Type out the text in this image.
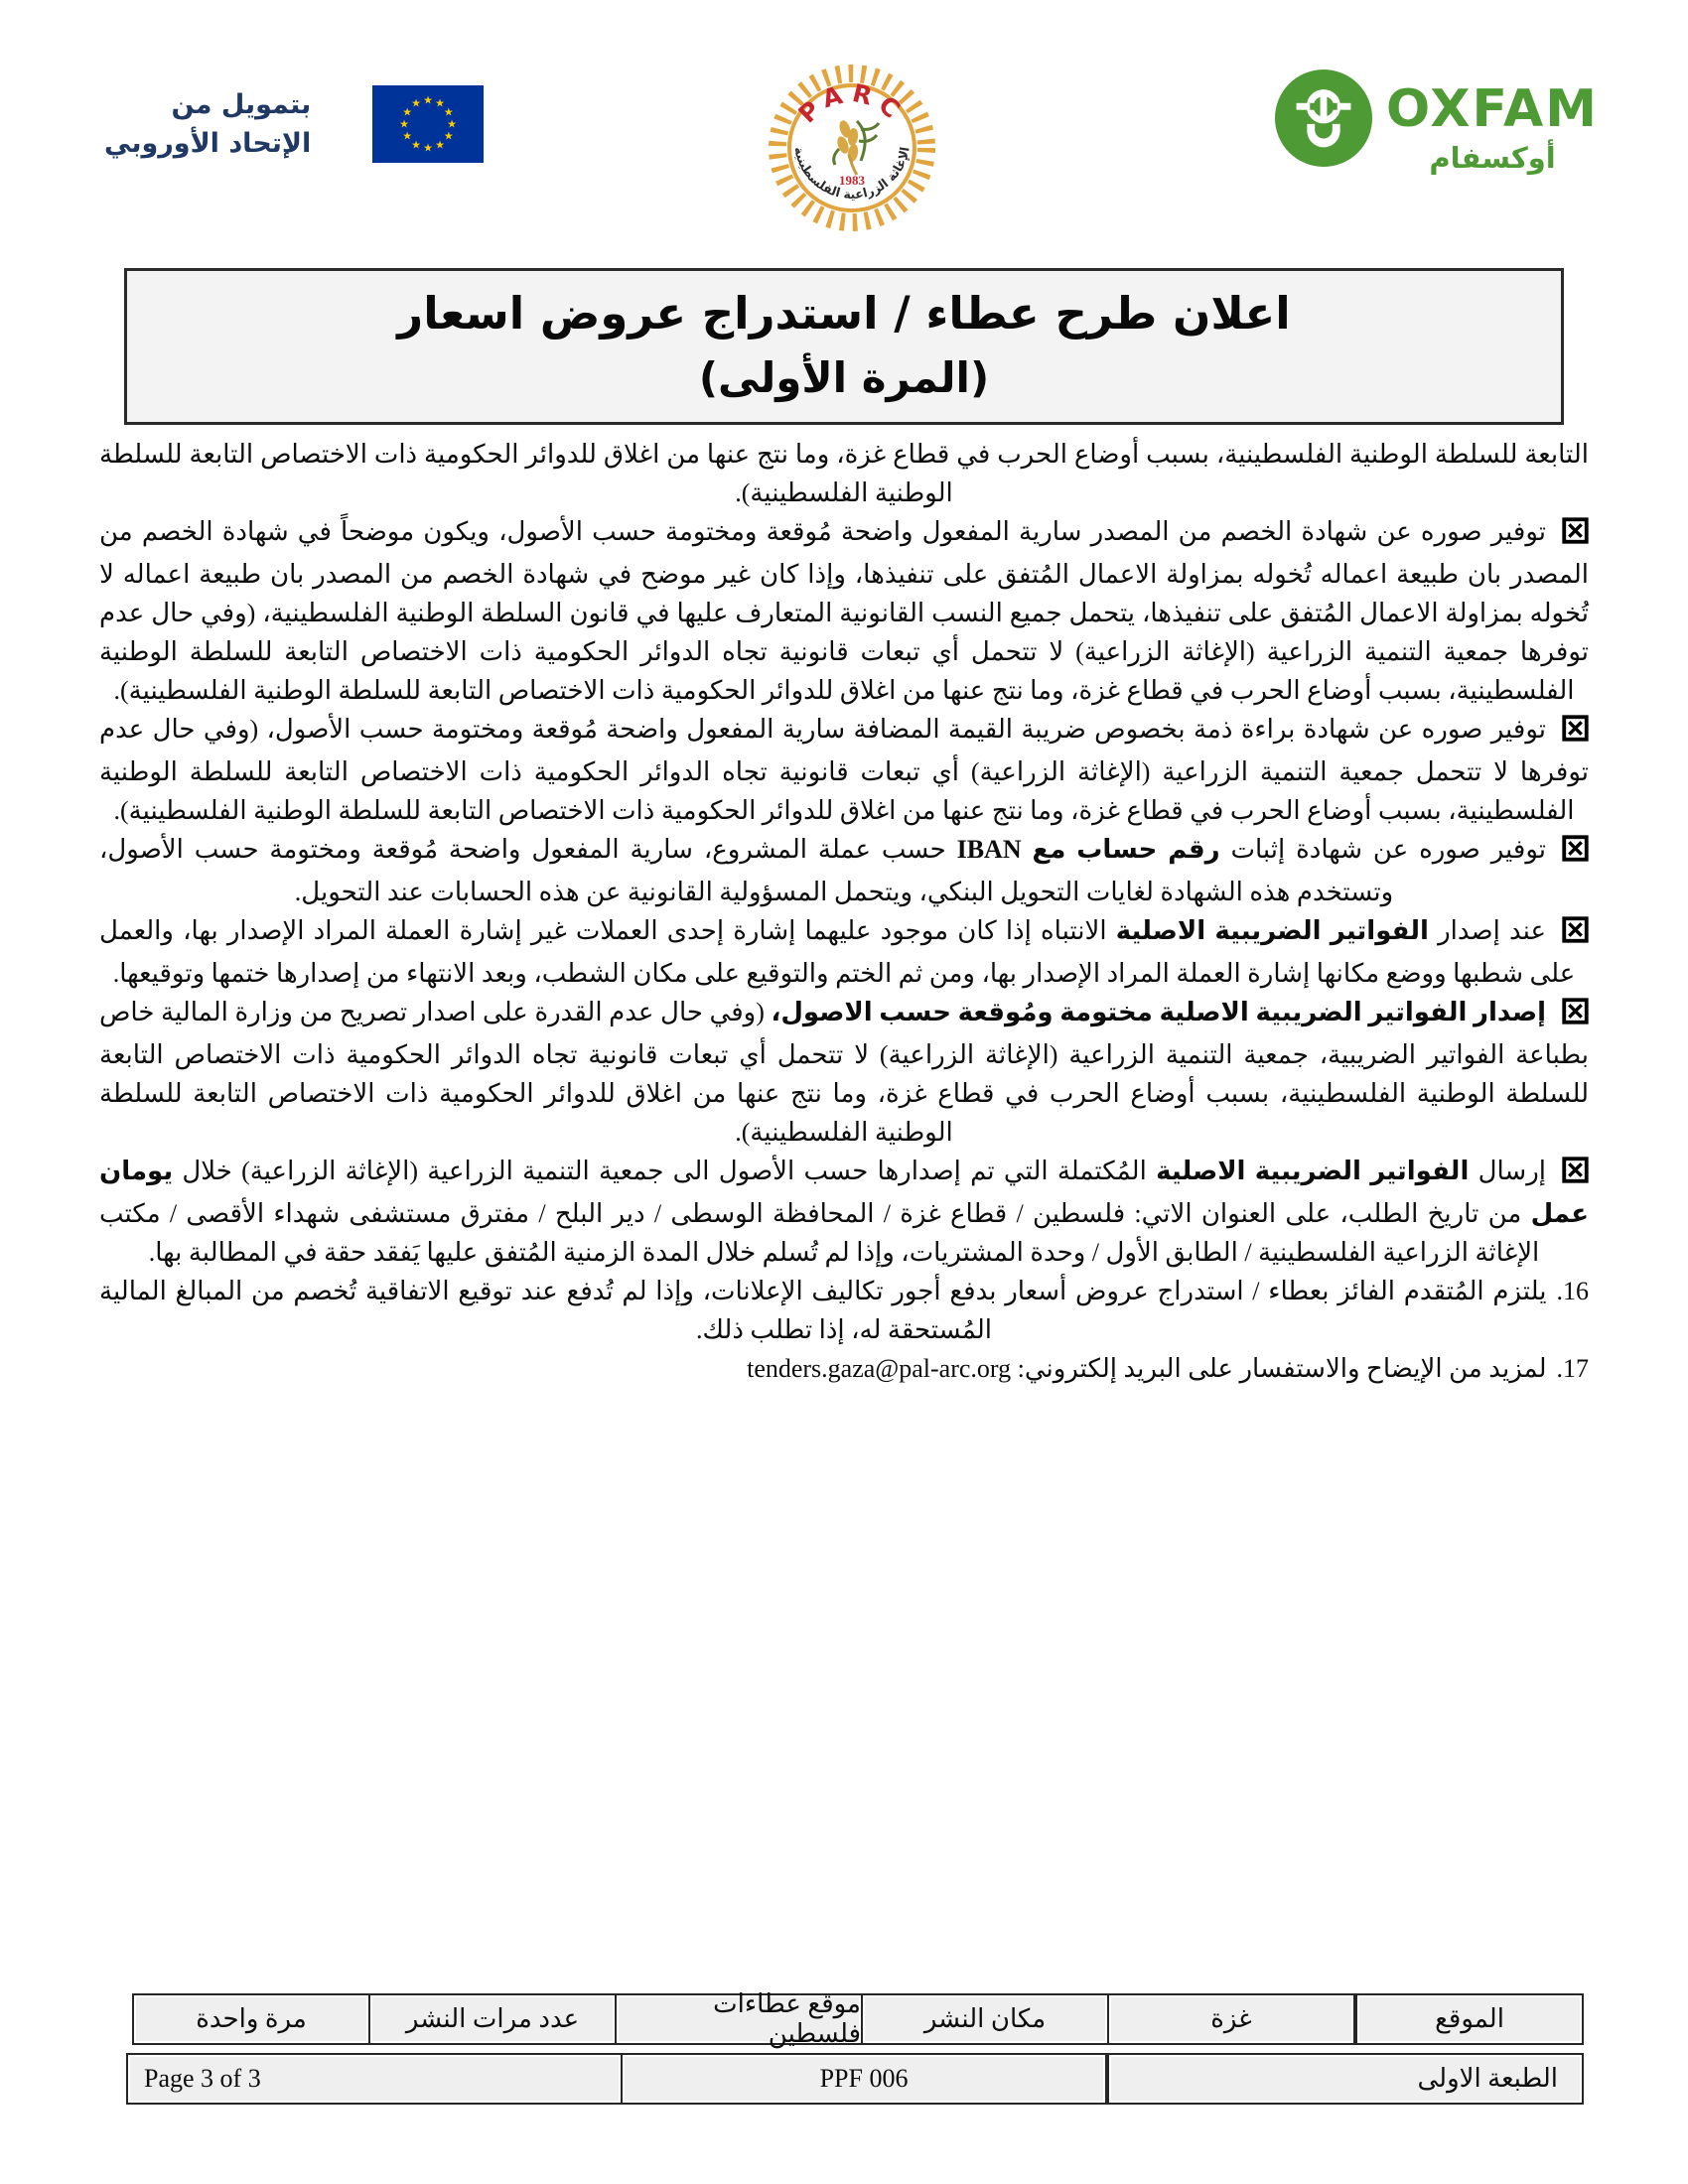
بتمويل من
الإتحاد الأوروبي
★ ★
★
★
★
★
★
★
★
★
★
★	PARC
1983
الإغاثة الزراعية الفلسطينية
OXFAM
أوكسفام
اعلان طرح عطاء / استدراج عروض اسعار
(المرة الأولى)

التابعة للسلطة الوطنية الفلسطينية، بسبب أوضاع الحرب في قطاع غزة، وما نتج عنها من اغلاق للدوائر الحكومية ذات الاختصاص التابعة للسلطة الوطنية الفلسطينية).

توفير صوره عن شهادة الخصم من المصدر سارية المفعول واضحة مُوقعة ومختومة حسب الأصول، ويكون موضحاً في شهادة الخصم من المصدر بان طبيعة اعماله تُخوله بمزاولة الاعمال المُتفق على تنفيذها، وإذا كان غير موضح في شهادة الخصم من المصدر بان طبيعة اعماله لا تُخوله بمزاولة الاعمال المُتفق على تنفيذها، يتحمل جميع النسب القانونية المتعارف عليها في قانون السلطة الوطنية الفلسطينية، (وفي حال عدم توفرها جمعية التنمية الزراعية (الإغاثة الزراعية) لا تتحمل أي تبعات قانونية تجاه الدوائر الحكومية ذات الاختصاص التابعة للسلطة الوطنية الفلسطينية، بسبب أوضاع الحرب في قطاع غزة، وما نتج عنها من اغلاق للدوائر الحكومية ذات الاختصاص التابعة للسلطة الوطنية الفلسطينية).

توفير صوره عن شهادة براءة ذمة بخصوص ضريبة القيمة المضافة سارية المفعول واضحة مُوقعة ومختومة حسب الأصول، (وفي حال عدم توفرها لا تتحمل جمعية التنمية الزراعية (الإغاثة الزراعية) أي تبعات قانونية تجاه الدوائر الحكومية ذات الاختصاص التابعة للسلطة الوطنية الفلسطينية، بسبب أوضاع الحرب في قطاع غزة، وما نتج عنها من اغلاق للدوائر الحكومية ذات الاختصاص التابعة للسلطة الوطنية الفلسطينية).

توفير صوره عن شهادة إثبات رقم حساب مع IBAN حسب عملة المشروع، سارية المفعول واضحة مُوقعة ومختومة حسب الأصول، وتستخدم هذه الشهادة لغايات التحويل البنكي، ويتحمل المسؤولية القانونية عن هذه الحسابات عند التحويل.

عند إصدار الفواتير الضريبية الاصلية الانتباه إذا كان موجود عليهما إشارة إحدى العملات غير إشارة العملة المراد الإصدار بها، والعمل على شطبها ووضع مكانها إشارة العملة المراد الإصدار بها، ومن ثم الختم والتوقيع على مكان الشطب، وبعد الانتهاء من إصدارها ختمها وتوقيعها.

إصدار الفواتير الضريبية الاصلية مختومة ومُوقعة حسب الاصول، (وفي حال عدم القدرة على اصدار تصريح من وزارة المالية خاص بطباعة الفواتير الضريبية، جمعية التنمية الزراعية (الإغاثة الزراعية) لا تتحمل أي تبعات قانونية تجاه الدوائر الحكومية ذات الاختصاص التابعة للسلطة الوطنية الفلسطينية، بسبب أوضاع الحرب في قطاع غزة، وما نتج عنها من اغلاق للدوائر الحكومية ذات الاختصاص التابعة للسلطة الوطنية الفلسطينية).

إرسال الفواتير الضريبية الاصلية المُكتملة التي تم إصدارها حسب الأصول الى جمعية التنمية الزراعية (الإغاثة الزراعية) خلال يومان عمل من تاريخ الطلب، على العنوان الاتي: فلسطين / قطاع غزة / المحافظة الوسطى / دير البلح / مفترق مستشفى شهداء الأقصى / مكتب الإغاثة الزراعية الفلسطينية / الطابق الأول / وحدة المشتريات، وإذا لم تُسلم خلال المدة الزمنية المُتفق عليها يَفقد حقة في المطالبة بها.

16.يلتزم المُتقدم الفائز بعطاء / استدراج عروض أسعار بدفع أجور تكاليف الإعلانات، وإذا لم تُدفع عند توقيع الاتفاقية تُخصم من المبالغ المالية المُستحقة له، إذا تطلب ذلك.

17.لمزيد من الإيضاح والاستفسار على البريد إلكتروني: tenders.gaza@pal-arc.org

الموقع
غزة
مكان النشر
موقع عطاءات فلسطين
عدد مرات النشر
مرة واحدة
الطبعة الاولى
PPF 006
Page 3 of 3
